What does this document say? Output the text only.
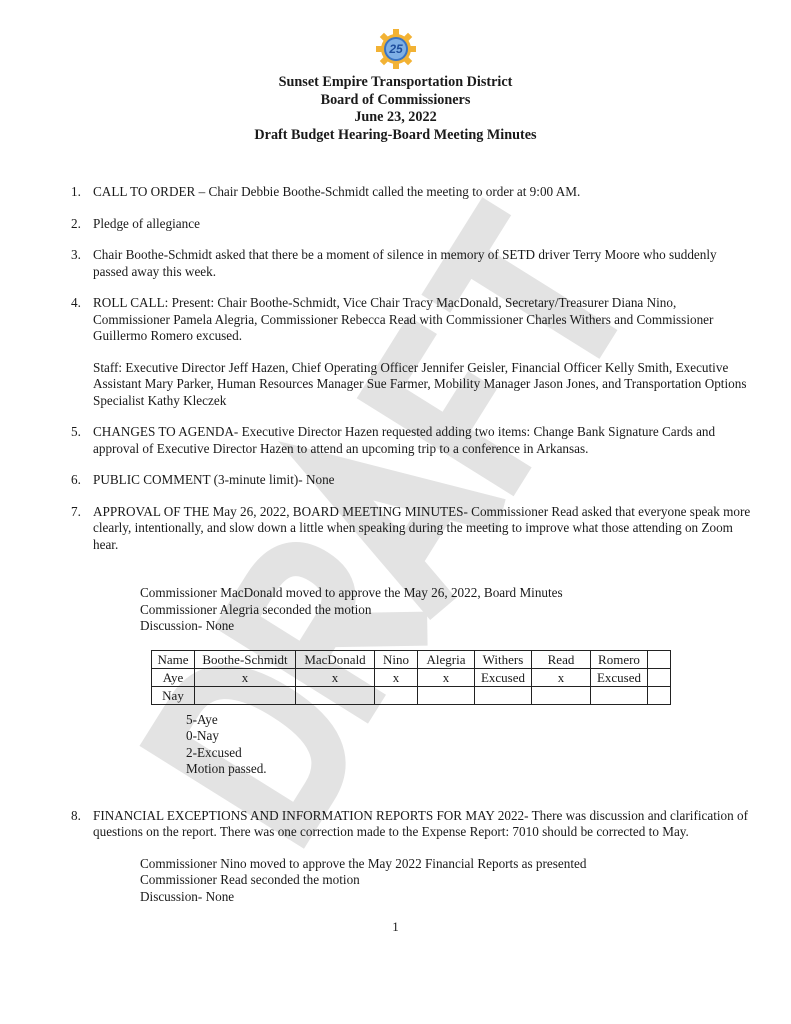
25
Sunset Empire Transportation District
Board of Commissioners
June 23, 2022
Draft Budget Hearing-Board Meeting Minutes
1. CALL TO ORDER – Chair Debbie Boothe-Schmidt called the meeting to order at 9:00 AM.
2. Pledge of allegiance
3. Chair Boothe-Schmidt asked that there be a moment of silence in memory of SETD driver Terry Moore who suddenly passed away this week.
4. ROLL CALL: Present: Chair Boothe-Schmidt, Vice Chair Tracy MacDonald, Secretary/Treasurer Diana Nino, Commissioner Pamela Alegria, Commissioner Rebecca Read with Commissioner Charles Withers and Commissioner Guillermo Romero excused.
Staff: Executive Director Jeff Hazen, Chief Operating Officer Jennifer Geisler, Financial Officer Kelly Smith, Executive Assistant Mary Parker, Human Resources Manager Sue Farmer, Mobility Manager Jason Jones, and Transportation Options Specialist Kathy Kleczek
5. CHANGES TO AGENDA- Executive Director Hazen requested adding two items: Change Bank Signature Cards and approval of Executive Director Hazen to attend an upcoming trip to a conference in Arkansas.
6. PUBLIC COMMENT (3-minute limit)- None
7. APPROVAL OF THE May 26, 2022, BOARD MEETING MINUTES- Commissioner Read asked that everyone speak more clearly, intentionally, and slow down a little when speaking during the meeting to improve what those attending on Zoom hear.
Commissioner MacDonald moved to approve the May 26, 2022, Board Minutes
Commissioner Alegria seconded the motion
Discussion- None
Name	Boothe-Schmidt	MacDonald	Nino	Alegria	Withers	Read	Romero	
Aye	x	x	x	x	Excused	x	Excused	
Nay								
5-Aye
0-Nay
2-Excused
Motion passed.
8. FINANCIAL EXCEPTIONS AND INFORMATION REPORTS FOR MAY 2022- There was discussion and clarification of questions on the report. There was one correction made to the Expense Report: 7010 should be corrected to May.
Commissioner Nino moved to approve the May 2022 Financial Reports as presented
Commissioner Read seconded the motion
Discussion- None
1
